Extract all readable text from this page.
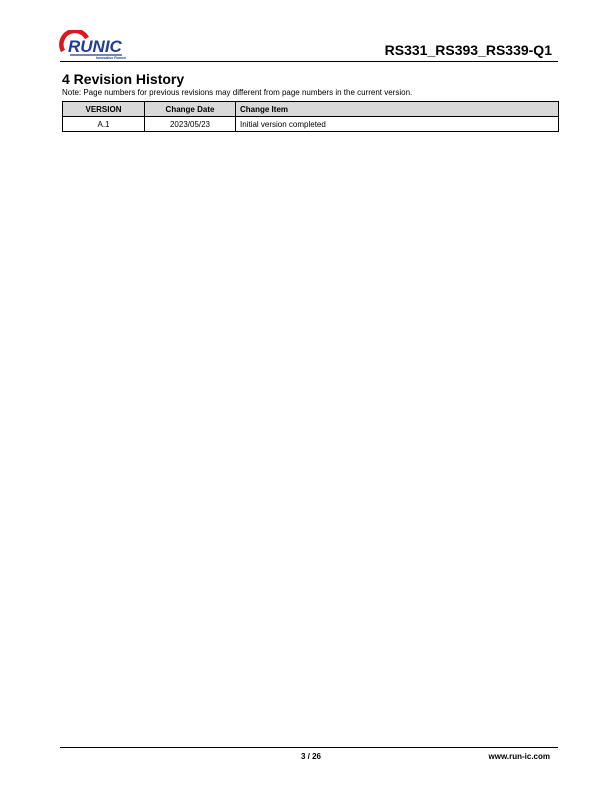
RUNIC
Innovative Runner	RS331_RS393_RS339-Q1
4 Revision History
Note: Page numbers for previous revisions may different from page numbers in the current version.
VERSION	Change Date	Change Item
A.1	2023/05/23	Initial version completed
3 / 26	www.run-ic.com
